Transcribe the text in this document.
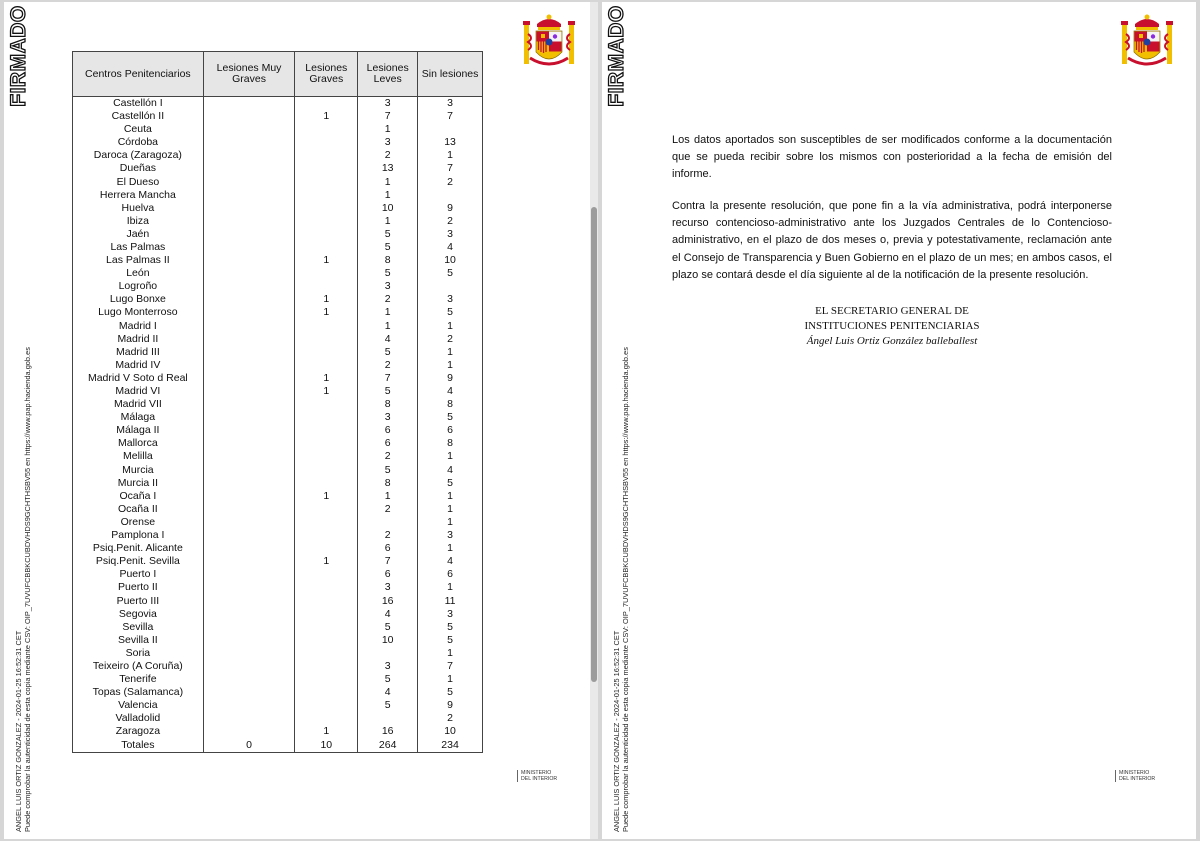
FIRMADO	Centros Penitenciarios	Lesiones Muy Graves	Lesiones Graves	Lesiones Leves	Sin lesiones
Castellón I			3	3
Castellón II		1	7	7
Ceuta			1	
Córdoba			3	13
Daroca (Zaragoza)			2	1
Dueñas			13	7
El Dueso			1	2
Herrera Mancha			1	
Huelva			10	9
Ibiza			1	2
Jaén			5	3
Las Palmas			5	4
Las Palmas II		1	8	10
León			5	5
Logroño			3	
Lugo Bonxe		1	2	3
Lugo Monterroso		1	1	5
Madrid I			1	1
Madrid II			4	2
Madrid III			5	1
Madrid IV			2	1
Madrid V Soto d Real		1	7	9
Madrid VI		1	5	4
Madrid VII			8	8
Málaga			3	5
Málaga II			6	6
Mallorca			6	8
Melilla			2	1
Murcia			5	4
Murcia II			8	5
Ocaña I		1	1	1
Ocaña II			2	1
Orense				1
Pamplona I			2	3
Psiq.Penit. Alicante			6	1
Psiq.Penit. Sevilla		1	7	4
Puerto I			6	6
Puerto II			3	1
Puerto III			16	11
Segovia			4	3
Sevilla			5	5
Sevilla II			10	5
Soria				1
Teixeiro (A Coruña)			3	7
Tenerife			5	1
Topas (Salamanca)			4	5
Valencia			5	9
Valladolid				2
Zaragoza		1	16	10
Totales	0	10	264	234
ANGEL LUIS ORTIZ GONZALEZ - 2024-01-25 16:52:31 CET Puede comprobar la autenticidad de esta copia mediante CSV: OIP_7UVUFCBBKCUBDVHDS9GCHTHSBV55 en https://www.pap.hacienda.gob.es	MINISTERIO
DEL INTERIOR
FIRMADO

Los datos aportados son susceptibles de ser modificados conforme a la documentación que se pueda recibir sobre los mismos con posterioridad a la fecha de emisión del informe.

Contra la presente resolución, que pone fin a la vía administrativa, podrá interponerse recurso contencioso-administrativo ante los Juzgados Centrales de lo Contencioso-administrativo, en el plazo de dos meses o, previa y potestativamente, reclamación ante el Consejo de Transparencia y Buen Gobierno en el plazo de un mes; en ambos casos, el plazo se contará desde el día siguiente al de la notificación de la presente resolución.

EL SECRETARIO GENERAL DE
INSTITUCIONES PENITENCIARIAS
Ángel Luis Ortiz González balleballest
ANGEL LUIS ORTIZ GONZALEZ - 2024-01-25 16:52:31 CET Puede comprobar la autenticidad de esta copia mediante CSV: OIP_7UVUFCBBKCUBDVHDS9GCHTHSBV55 en https://www.pap.hacienda.gob.es	MINISTERIO
DEL INTERIOR
